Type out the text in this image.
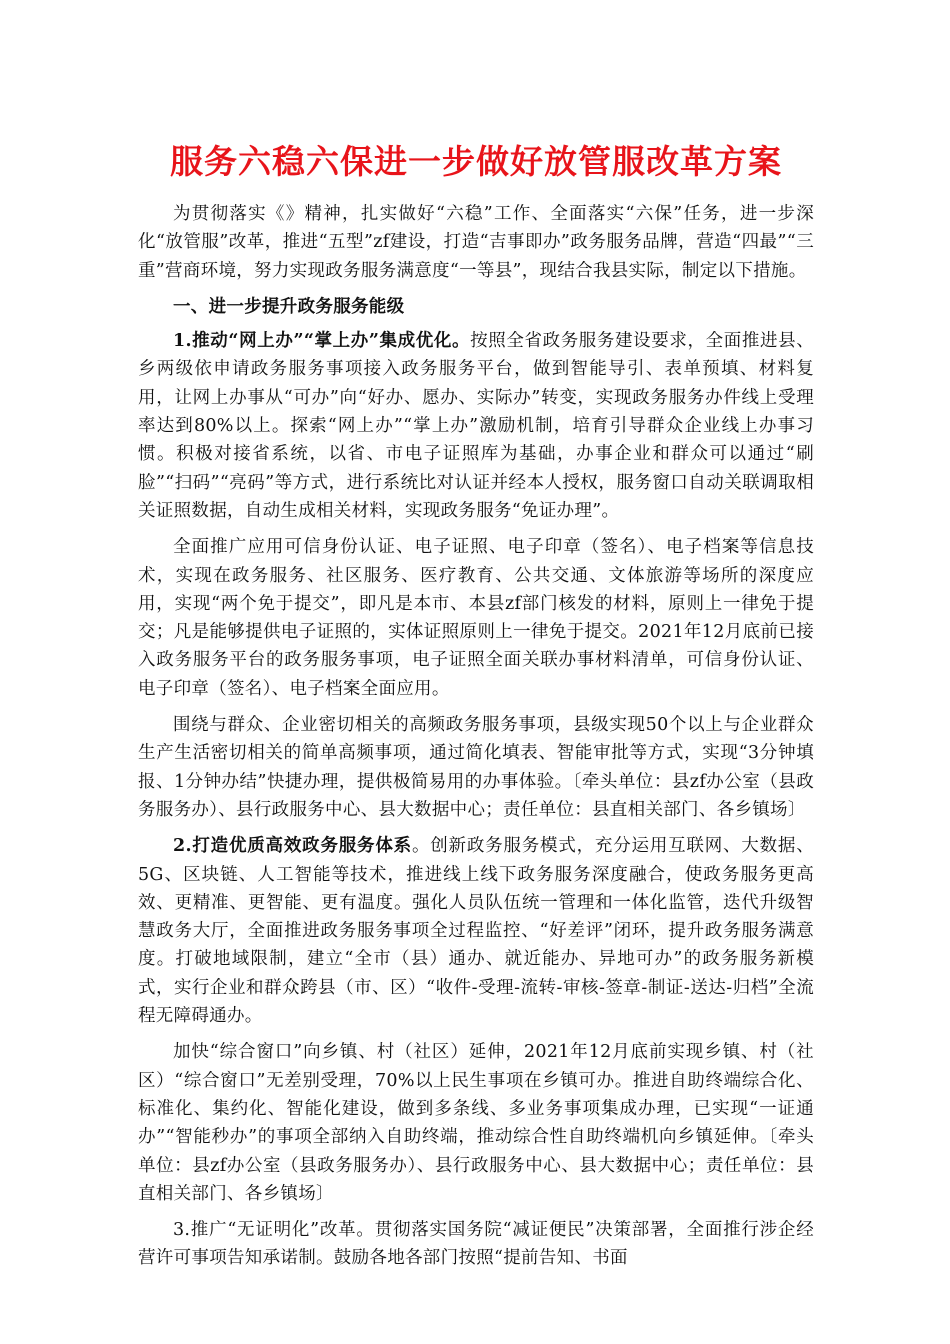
服务六稳六保进一步做好放管服改革方案

为贯彻落实《》精神，扎实做好“六稳”工作、全面落实“六保”任务，进一步深化“放管服”改革，推进“五型”zf建设，打造“吉事即办”政务服务品牌，营造“四最”“三重”营商环境，努力实现政务服务满意度“一等县”，现结合我县实际，制定以下措施。

一、进一步提升政务服务能级

1.推动“网上办”“掌上办”集成优化。按照全省政务服务建设要求，全面推进县、乡两级依申请政务服务事项接入政务服务平台，做到智能导引、表单预填、材料复用，让网上办事从“可办”向“好办、愿办、实际办”转变，实现政务服务办件线上受理率达到80%以上。探索“网上办”“掌上办”激励机制，培育引导群众企业线上办事习惯。积极对接省系统，以省、市电子证照库为基础，办事企业和群众可以通过“刷脸”“扫码”“亮码”等方式，进行系统比对认证并经本人授权，服务窗口自动关联调取相关证照数据，自动生成相关材料，实现政务服务“免证办理”。

全面推广应用可信身份认证、电子证照、电子印章（签名）、电子档案等信息技术，实现在政务服务、社区服务、医疗教育、公共交通、文体旅游等场所的深度应用，实现“两个免于提交”，即凡是本市、本县zf部门核发的材料，原则上一律免于提交；凡是能够提供电子证照的，实体证照原则上一律免于提交。2021年12月底前已接入政务服务平台的政务服务事项，电子证照全面关联办事材料清单，可信身份认证、电子印章（签名）、电子档案全面应用。

围绕与群众、企业密切相关的高频政务服务事项，县级实现50个以上与企业群众生产生活密切相关的简单高频事项，通过简化填表、智能审批等方式，实现“3分钟填报、1分钟办结”快捷办理，提供极简易用的办事体验。〔牵头单位：县zf办公室（县政务服务办）、县行政服务中心、县大数据中心；责任单位：县直相关部门、各乡镇场〕

2.打造优质高效政务服务体系。创新政务服务模式，充分运用互联网、大数据、5G、区块链、人工智能等技术，推进线上线下政务服务深度融合，使政务服务更高效、更精准、更智能、更有温度。强化人员队伍统一管理和一体化监管，迭代升级智慧政务大厅，全面推进政务服务事项全过程监控、“好差评”闭环，提升政务服务满意度。打破地域限制，建立“全市（县）通办、就近能办、异地可办”的政务服务新模式，实行企业和群众跨县（市、区）“收件-受理-流转-审核-签章-制证-送达-归档”全流程无障碍通办。

加快“综合窗口”向乡镇、村（社区）延伸，2021年12月底前实现乡镇、村（社区）“综合窗口”无差别受理，70%以上民生事项在乡镇可办。推进自助终端综合化、标准化、集约化、智能化建设，做到多条线、多业务事项集成办理，已实现“一证通办”“智能秒办”的事项全部纳入自助终端，推动综合性自助终端机向乡镇延伸。〔牵头单位：县zf办公室（县政务服务办）、县行政服务中心、县大数据中心；责任单位：县直相关部门、各乡镇场〕

3.推广“无证明化”改革。贯彻落实国务院“减证便民”决策部署，全面推行涉企经营许可事项告知承诺制。鼓励各地各部门按照“提前告知、书面
